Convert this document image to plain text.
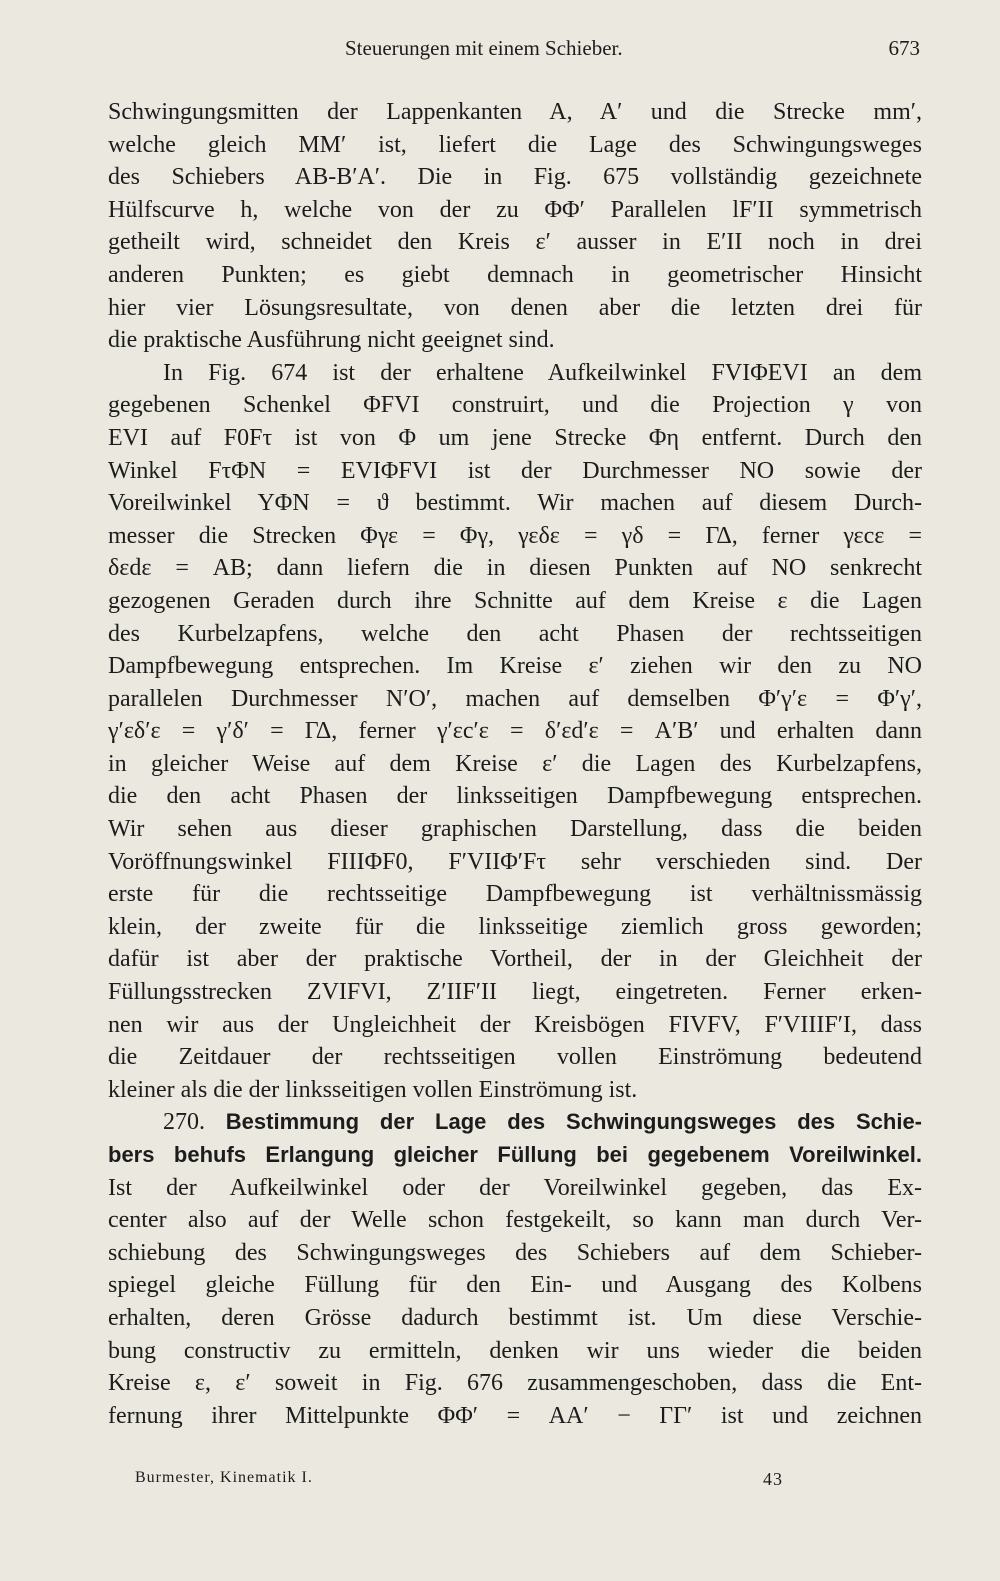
Steuerungen mit einem Schieber.	673
Schwingungsmitten der Lappenkanten A, A′ und die Strecke mm′,
welche gleich MM′ ist, liefert die Lage des Schwingungsweges
des Schiebers AB-B′A′. Die in Fig. 675 vollständig gezeichnete
Hülfscurve h, welche von der zu ΦΦ′ Parallelen lF′II symmetrisch
getheilt wird, schneidet den Kreis ε′ ausser in E′II noch in drei
anderen Punkten; es giebt demnach in geometrischer Hinsicht
hier vier Lösungsresultate, von denen aber die letzten drei für
die praktische Ausführung nicht geeignet sind.
In Fig. 674 ist der erhaltene Aufkeilwinkel FVIΦEVI an dem
gegebenen Schenkel ΦFVI construirt, und die Projection γ von
EVI auf F0Fτ ist von Φ um jene Strecke Φη entfernt. Durch den
Winkel FτΦN = EVIΦFVI ist der Durchmesser NO sowie der
Voreilwinkel YΦN = ϑ bestimmt. Wir machen auf diesem Durch-
messer die Strecken Φγε = Φγ, γεδε = γδ = ΓΔ, ferner γεcε =
δεdε = AB; dann liefern die in diesen Punkten auf NO senkrecht
gezogenen Geraden durch ihre Schnitte auf dem Kreise ε die Lagen
des Kurbelzapfens, welche den acht Phasen der rechtsseitigen
Dampfbewegung entsprechen. Im Kreise ε′ ziehen wir den zu NO
parallelen Durchmesser N′O′, machen auf demselben Φ′γ′ε = Φ′γ′,
γ′εδ′ε = γ′δ′ = ΓΔ, ferner γ′εc′ε = δ′εd′ε = A′B′ und erhalten dann
in gleicher Weise auf dem Kreise ε′ die Lagen des Kurbelzapfens,
die den acht Phasen der linksseitigen Dampfbewegung entsprechen.
Wir sehen aus dieser graphischen Darstellung, dass die beiden
Voröffnungswinkel FIIIΦF0, F′VIIΦ′Fτ sehr verschieden sind. Der
erste für die rechtsseitige Dampfbewegung ist verhältnissmässig
klein, der zweite für die linksseitige ziemlich gross geworden;
dafür ist aber der praktische Vortheil, der in der Gleichheit der
Füllungsstrecken ZVIFVI, Z′IIF′II liegt, eingetreten. Ferner erken-
nen wir aus der Ungleichheit der Kreisbögen FIVFV, F′VIIIF′I, dass
die Zeitdauer der rechtsseitigen vollen Einströmung bedeutend
kleiner als die der linksseitigen vollen Einströmung ist.
270. Bestimmung der Lage des Schwingungsweges des Schie-
bers behufs Erlangung gleicher Füllung bei gegebenem Voreilwinkel.
Ist der Aufkeilwinkel oder der Voreilwinkel gegeben, das Ex-
center also auf der Welle schon festgekeilt, so kann man durch Ver-
schiebung des Schwingungsweges des Schiebers auf dem Schieber-
spiegel gleiche Füllung für den Ein- und Ausgang des Kolbens
erhalten, deren Grösse dadurch bestimmt ist. Um diese Verschie-
bung constructiv zu ermitteln, denken wir uns wieder die beiden
Kreise ε, ε′ soweit in Fig. 676 zusammengeschoben, dass die Ent-
fernung ihrer Mittelpunkte ΦΦ′ = AA′ − ΓΓ′ ist und zeichnen
Burmester, Kinematik I.	43
